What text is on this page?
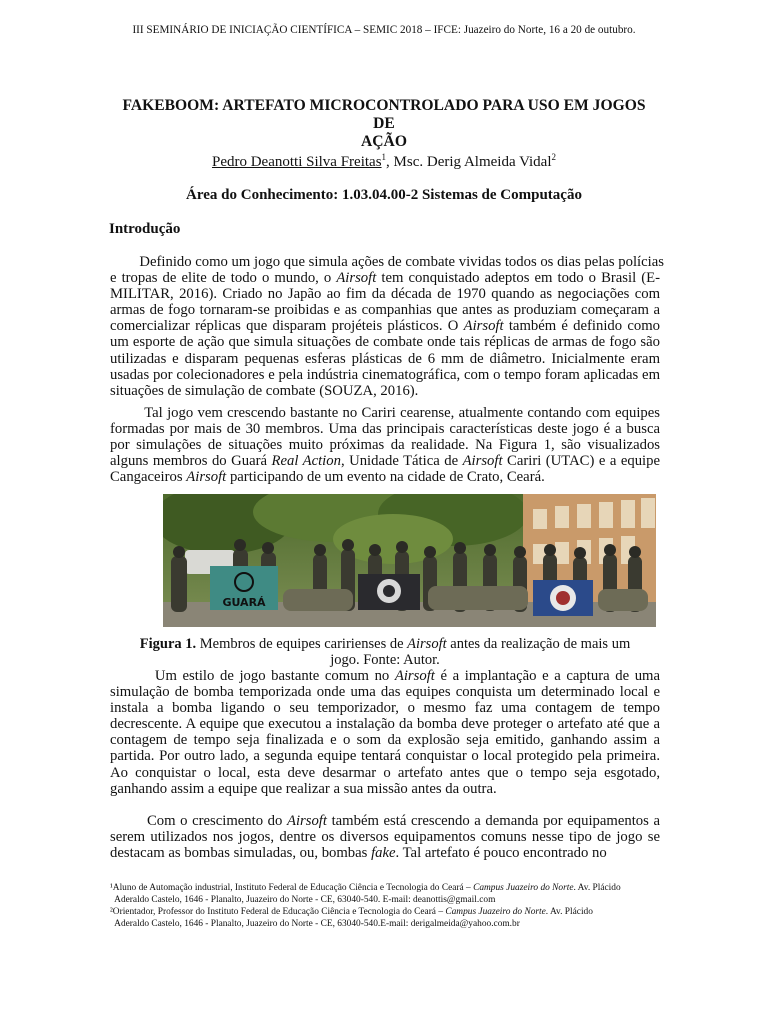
III SEMINÁRIO DE INICIAÇÃO CIENTÍFICA – SEMIC 2018 – IFCE: Juazeiro do Norte, 16 a 20 de outubro.
FAKEBOOM: ARTEFATO MICROCONTROLADO PARA USO EM JOGOS DE
AÇÃO
Pedro Deanotti Silva Freitas$^1$, Msc. Derig Almeida Vidal$^2$
Área do Conhecimento: 1.03.04.00-2 Sistemas de Computação
Introdução
Definido como um jogo que simula ações de combate vividas todos os dias pelas polícias
e tropas de elite de todo o mundo, o Airsoft tem conquistado adeptos em todo o Brasil (E-
MILITAR, 2016). Criado no Japão ao fim da década de 1970 quando as negociações com
armas de fogo tornaram-se proibidas e as companhias que antes as produziam começaram a
comercializar réplicas que disparam projéteis plásticos. O Airsoft também é definido como
um esporte de ação que simula situações de combate onde tais réplicas de armas de fogo são
utilizadas e disparam pequenas esferas plásticas de 6 mm de diâmetro. Inicialmente eram
usadas por colecionadores e pela indústria cinematográfica, com o tempo foram aplicadas em
situações de simulação de combate (SOUZA, 2016).
Tal jogo vem crescendo bastante no Cariri cearense, atualmente contando com equipes
formadas por mais de 30 membros. Uma das principais características deste jogo é a busca
por simulações de situações muito próximas da realidade. Na Figura 1, são visualizados
alguns membros do Guará Real Action, Unidade Tática de Airsoft Cariri (UTAC) e a equipe
Cangaceiros Airsoft participando de um evento na cidade de Crato, Ceará.
GUARÁ
Figura 1. Membros de equipes caririenses de Airsoft antes da realização de mais um
jogo. Fonte: Autor.
Um estilo de jogo bastante comum no Airsoft é a implantação e a captura de uma
simulação de bomba temporizada onde uma das equipes conquista um determinado local e
instala a bomba ligando o seu temporizador, o mesmo faz uma contagem de tempo
decrescente. A equipe que executou a instalação da bomba deve proteger o artefato até que a
contagem de tempo seja finalizada e o som da explosão seja emitido, ganhando assim a
partida. Por outro lado, a segunda equipe tentará conquistar o local protegido pela primeira.
Ao conquistar o local, esta deve desarmar o artefato antes que o tempo seja esgotado,
ganhando assim a equipe que realizar a sua missão antes da outra.
Com o crescimento do Airsoft também está crescendo a demanda por equipamentos a
serem utilizados nos jogos, dentre os diversos equipamentos comuns nesse tipo de jogo se
destacam as bombas simuladas, ou, bombas fake. Tal artefato é pouco encontrado no
¹Aluno de Automação industrial, Instituto Federal de Educação Ciência e Tecnologia do Ceará – Campus Juazeiro do Norte. Av. Plácido
Aderaldo Castelo, 1646 - Planalto, Juazeiro do Norte - CE, 63040-540. E-mail: deanottis@gmail.com
²Orientador, Professor do Instituto Federal de Educação Ciência e Tecnologia do Ceará – Campus Juazeiro do Norte. Av. Plácido
Aderaldo Castelo, 1646 - Planalto, Juazeiro do Norte - CE, 63040-540.E-mail: derigalmeida@yahoo.com.br
